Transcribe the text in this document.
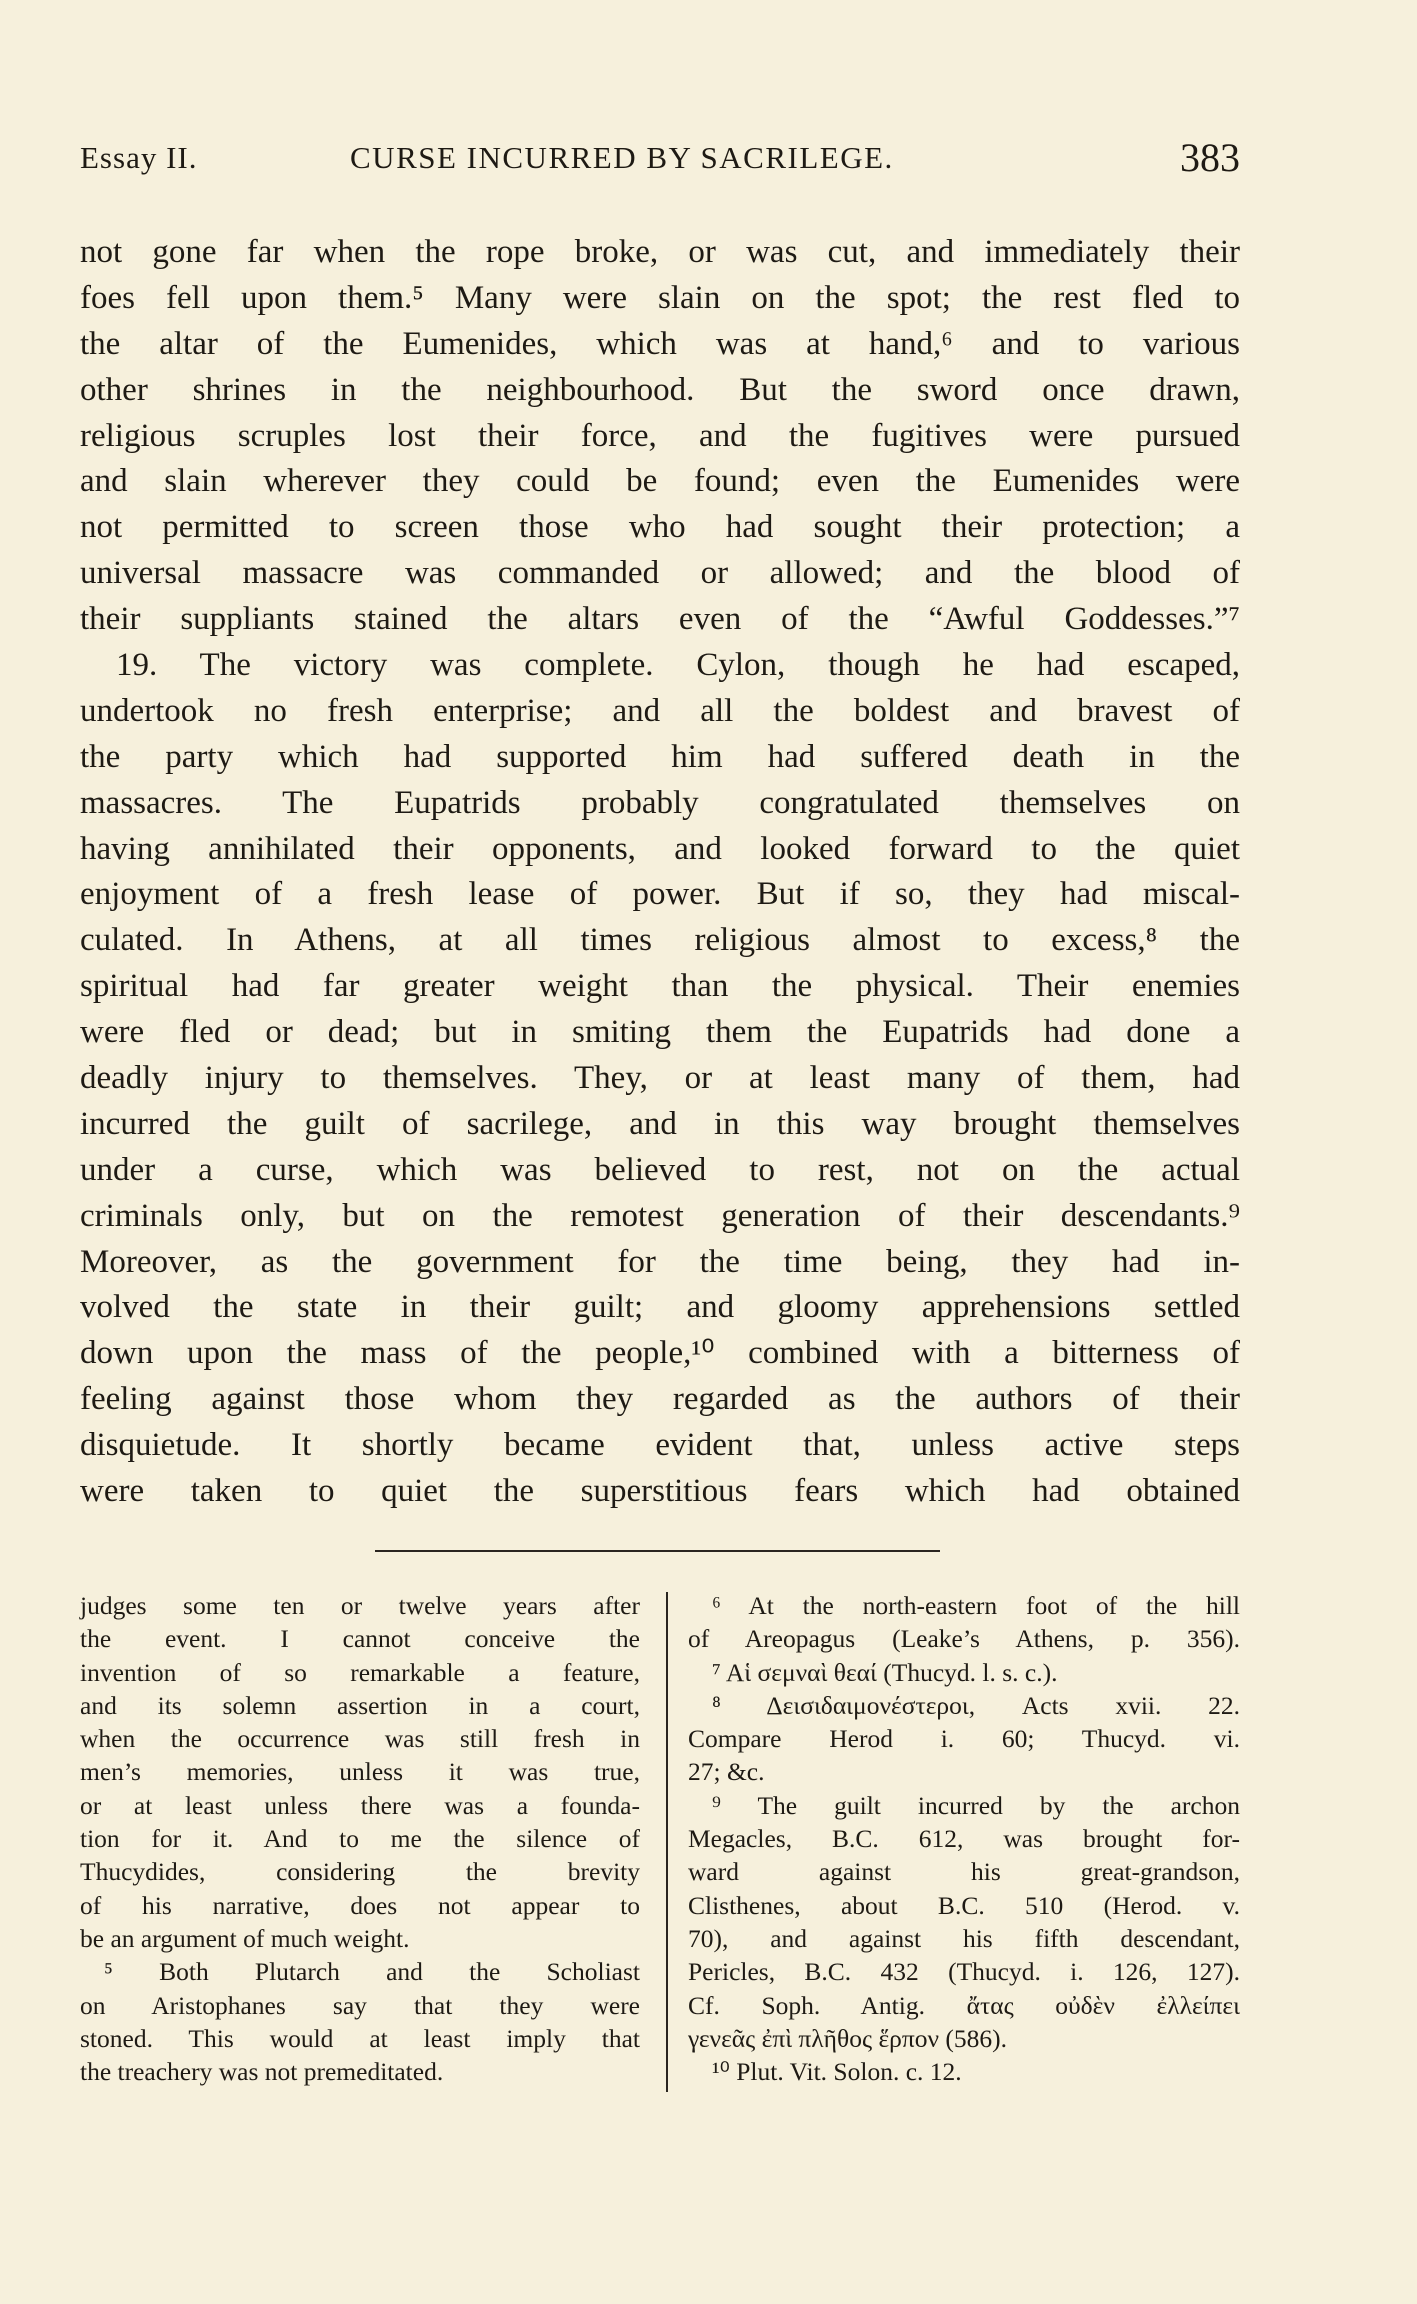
Essay II.	CURSE INCURRED BY SACRILEGE.	383
not gone far when the rope broke, or was cut, and immediately their
foes fell upon them.⁵ Many were slain on the spot; the rest fled to
the altar of the Eumenides, which was at hand,⁶ and to various
other shrines in the neighbourhood. But the sword once drawn,
religious scruples lost their force, and the fugitives were pursued
and slain wherever they could be found; even the Eumenides were
not permitted to screen those who had sought their protection; a
universal massacre was commanded or allowed; and the blood of
their suppliants stained the altars even of the “Awful Goddesses.”⁷
19. The victory was complete. Cylon, though he had escaped,
undertook no fresh enterprise; and all the boldest and bravest of
the party which had supported him had suffered death in the
massacres. The Eupatrids probably congratulated themselves on
having annihilated their opponents, and looked forward to the quiet
enjoyment of a fresh lease of power. But if so, they had miscal-
culated. In Athens, at all times religious almost to excess,⁸ the
spiritual had far greater weight than the physical. Their enemies
were fled or dead; but in smiting them the Eupatrids had done a
deadly injury to themselves. They, or at least many of them, had
incurred the guilt of sacrilege, and in this way brought themselves
under a curse, which was believed to rest, not on the actual
criminals only, but on the remotest generation of their descendants.⁹
Moreover, as the government for the time being, they had in-
volved the state in their guilt; and gloomy apprehensions settled
down upon the mass of the people,¹⁰ combined with a bitterness of
feeling against those whom they regarded as the authors of their
disquietude. It shortly became evident that, unless active steps
were taken to quiet the superstitious fears which had obtained
judges some ten or twelve years after
the event. I cannot conceive the
invention of so remarkable a feature,
and its solemn assertion in a court,
when the occurrence was still fresh in
men’s memories, unless it was true,
or at least unless there was a founda-
tion for it. And to me the silence of
Thucydides, considering the brevity
of his narrative, does not appear to
be an argument of much weight.
⁵ Both Plutarch and the Scholiast
on Aristophanes say that they were
stoned. This would at least imply that
the treachery was not premeditated.
⁶ At the north-eastern foot of the hill
of Areopagus (Leake’s Athens, p. 356).
⁷ Αἱ σεμναὶ θεαί (Thucyd. l. s. c.).
⁸ Δεισιδαιμονέστεροι, Acts xvii. 22.
Compare Herod i. 60; Thucyd. vi.
27; &c.
⁹ The guilt incurred by the archon
Megacles, B.C. 612, was brought for-
ward against his great-grandson,
Clisthenes, about B.C. 510 (Herod. v.
70), and against his fifth descendant,
Pericles, B.C. 432 (Thucyd. i. 126, 127).
Cf. Soph. Antig. ἄτας οὐδὲν ἐλλείπει
γενεᾶς ἐπὶ πλῆθος ἕρπον (586).
¹⁰ Plut. Vit. Solon. c. 12.
